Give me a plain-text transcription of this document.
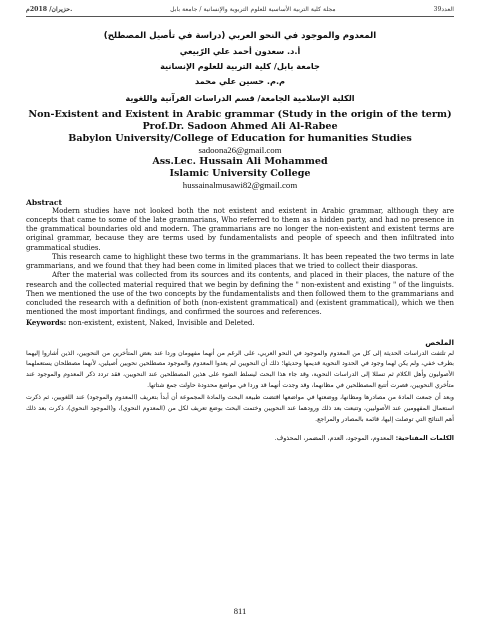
حزيران/ 2018م.	مجلة كلية التربية الأساسية للعلوم التربوية والإنسانية / جامعة بابل	العدد39
المعدوم والموجود في النحو العربي (دراسة في تأصيل المصطلح)
أ.د. سعدون أحمد علي الرّبيعي
جامعة بابل/ كلية التربية للعلوم الإنسانية
م.م. حسين علي محمد
الكلية الإسلامية الجامعة/ قسم الدراسات القرآنية واللغوية
Non-Existent and Existent in Arabic grammar (Study in the origin of the term)
Prof.Dr. Sadoon Ahmed Ali Al-Rabee
Babylon University/College of Education for humanities Studies
sadoona26@gmail.com
Ass.Lec. Hussain Ali Mohammed
Islamic University College
hussainalmusawi82@gmail.com
Abstract

Modern studies have not looked both the not existent and existent in Arabic grammar, although they are concepts that came to some of the late grammarians, Who referred to them as a hidden party, and had no presence in the grammatical boundaries old and modern. The grammarians are no longer the non-existent and existent terms are original grammar, because they are terms used by fundamentalists and people of speech and then infiltrated into grammatical studies.

This research came to highlight these two terms in the grammarians. It has been repeated the two terms in late grammarians, and we found that they had been come in limited places that we tried to collect their diasporas.

After the material was collected from its sources and its contents, and placed in their places, the nature of the research and the collected material required that we begin by defining the " non-existent and existing " of the linguists. Then we mentioned the use of the two concepts by the fundamentalists and then followed them to the grammarians and concluded the research with a definition of both (non-existent grammatical) and (existent grammatical), which we then mentioned the most important findings, and confirmed the sources and references.

Keywords: non-existent, existent, Naked, Invisible and Deleted.

الملخص

لم تلتفت الدراسات الحديثة إلى كل من المعدوم والموجود في النحو العربي، على الرغم من أنهما مفهومان وردا عند بعض المتأخرين من النحويين، الذين أشاروا إليهما بطرف خفي، ولم يكن لهما وجود في الحدود النحوية قديمها وحديثها؛ ذلك أن النحويين لم يعدوا المعدوم والموجود مصطلحين نحويين أصيلين، لأنهما مصطلحان يستعملهما الأصوليون وأهل الكلام ثم تسللا إلى الدراسات النحوية، وقد جاء هذا البحث ليسلط الضوء على هذين المصطلحين عند النحويين، فقد تردد ذكر المعدوم والموجود عند متأخري النحويين، فصرت أتتبع المصطلحين في مظانهما، وقد وجدت أنهما قد وردا في مواضع محدودة حاولت جمع شتاتها.

وبعد أن جمعت المادة من مصادرها ومظانها، ووضعتها في مواضعها اقتضت طبيعة البحث والمادة المجموعة أن أبدأ بتعريف (المعدوم والموجود) عند اللغويين، ثم ذكرت استعمال المفهومين عند الأصوليين، وتتبعت بعد ذلك ورودهما عند النحويين وختمت البحث بوضع تعريف لكل من (المعدوم النحوي)، و(الموجود النحوي)، ذكرت بعد ذلك أهم النتائج التي توصلت إليها، قائمة بالمصادر والمراجع.

الكلمات المفتاحية: المعدوم، الموجود، العدم، المضمر، المحذوف.
811
